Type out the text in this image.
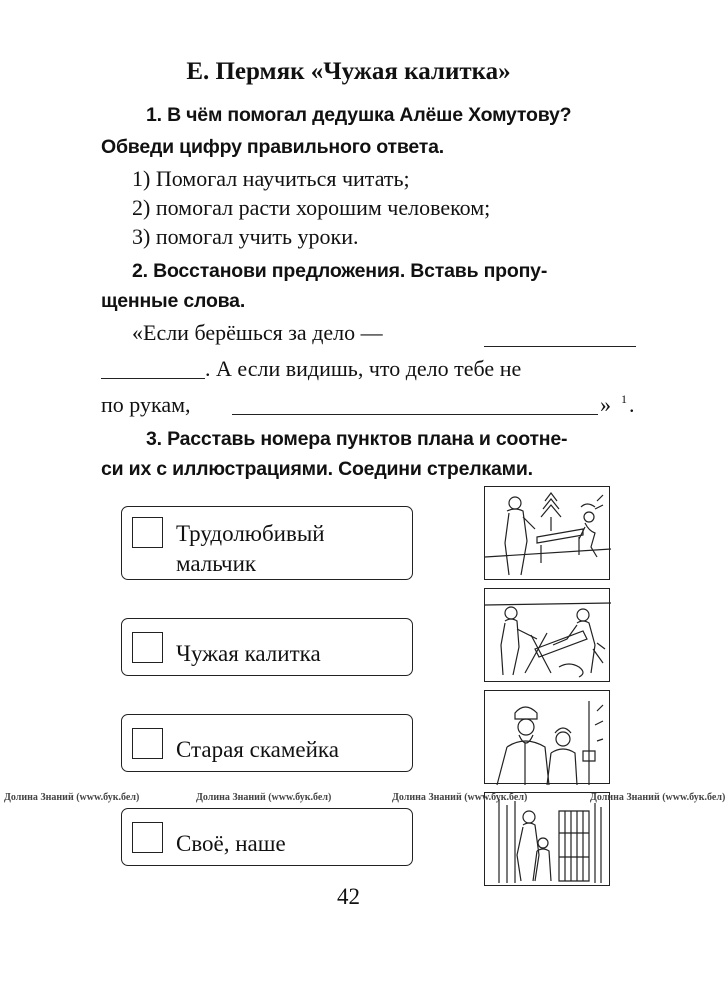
Е. Пермяк «Чужая калитка»
1. В чём помогал дедушка Алёше Хомутову?
Обведи цифру правильного ответа.
1) Помогал научиться читать;
2) помогал расти хорошим человеком;
3) помогал учить уроки.
2. Восстанови предложения. Вставь пропу-
щенные слова.
«Если берёшься за дело —
. А если видишь, что дело тебе не
по рукам,	» 1 .
3. Расставь номера пунктов плана и соотне-
си их с иллюстрациями. Соедини стрелками.
Трудолюбивый мальчик
Чужая калитка
Старая скамейка
Своё, наше
Долина Знаний (www.бук.бел)	Долина Знаний (www.бук.бел)	Долина Знаний (www.бук.бел)	Долина Знаний (www.бук.бел)
42
